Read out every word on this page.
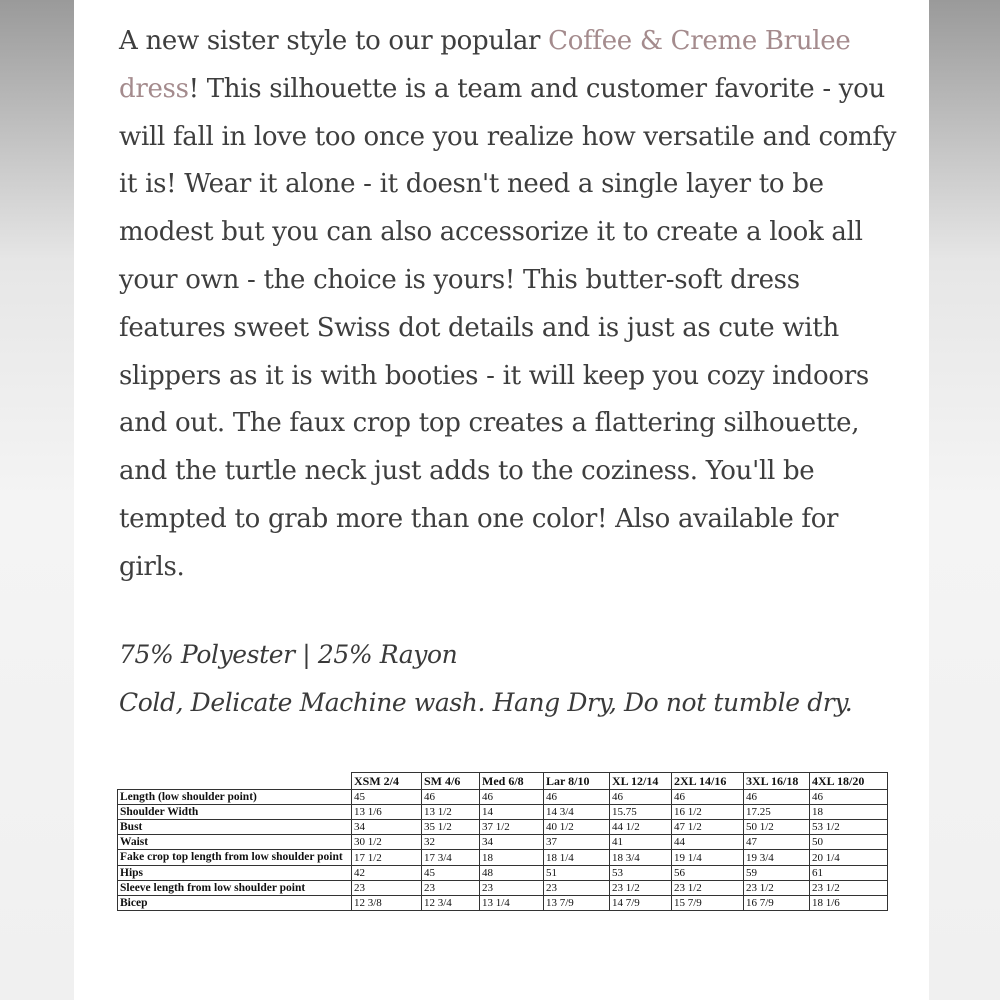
A new sister style to our popular Coffee & Creme Brulee dress! This silhouette is a team and customer favorite - you will fall in love too once you realize how versatile and comfy it is! Wear it alone - it doesn't need a single layer to be modest but you can also accessorize it to create a look all your own - the choice is yours! This butter-soft dress features sweet Swiss dot details and is just as cute with slippers as it is with booties - it will keep you cozy indoors and out. The faux crop top creates a flattering silhouette, and the turtle neck just adds to the coziness. You'll be tempted to grab more than one color! Also available for girls.

75% Polyester | 25% Rayon

Cold, Delicate Machine wash. Hang Dry, Do not tumble dry.

	XSM 2/4	SM 4/6	Med 6/8	Lar 8/10	XL 12/14	2XL 14/16	3XL 16/18	4XL 18/20
Length (low shoulder point)	45	46	46	46	46	46	46	46
Shoulder Width	13 1/6	13 1/2	14	14 3/4	15.75	16 1/2	17.25	18
Bust	34	35 1/2	37 1/2	40 1/2	44 1/2	47 1/2	50 1/2	53 1/2
Waist	30 1/2	32	34	37	41	44	47	50
Fake crop top length from low shoulder point	17 1/2	17 3/4	18	18 1/4	18 3/4	19 1/4	19 3/4	20 1/4
Hips	42	45	48	51	53	56	59	61
Sleeve length from low shoulder point	23	23	23	23	23 1/2	23 1/2	23 1/2	23 1/2
Bicep	12 3/8	12 3/4	13 1/4	13 7/9	14 7/9	15 7/9	16 7/9	18 1/6
